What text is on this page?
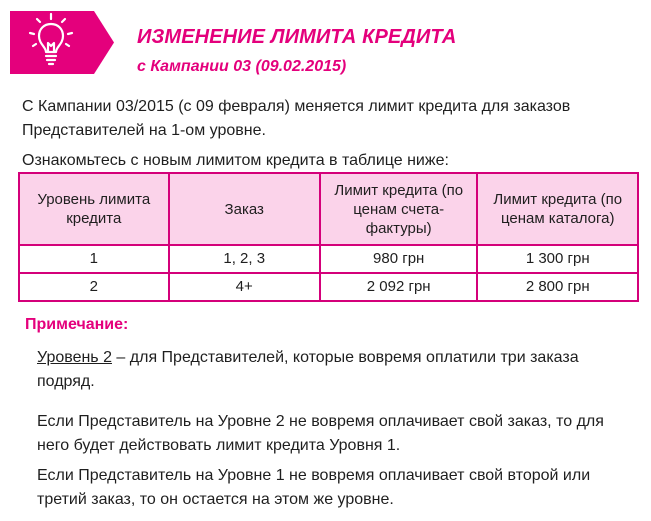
ИЗМЕНЕНИЕ ЛИМИТА КРЕДИТА
с Кампании 03 (09.02.2015)
С Кампании 03/2015 (с 09 февраля) меняется лимит кредита для заказов Представителей на 1-ом уровне.
Ознакомьтесь с новым лимитом кредита в таблице ниже:
Уровень лимита кредита	Заказ	Лимит кредита (по ценам счета-фактуры)	Лимит кредита (по ценам каталога)
1	1, 2, 3	980 грн	1 300 грн
2	4+	2 092 грн	2 800 грн
Примечание:
Уровень 2 – для Представителей, которые вовремя оплатили три заказа подряд.
Если Представитель на Уровне 2 не вовремя оплачивает свой заказ, то для него будет действовать лимит кредита Уровня 1.
Если Представитель на Уровне 1 не вовремя оплачивает свой второй или третий заказ, то он остается на этом же уровне.
